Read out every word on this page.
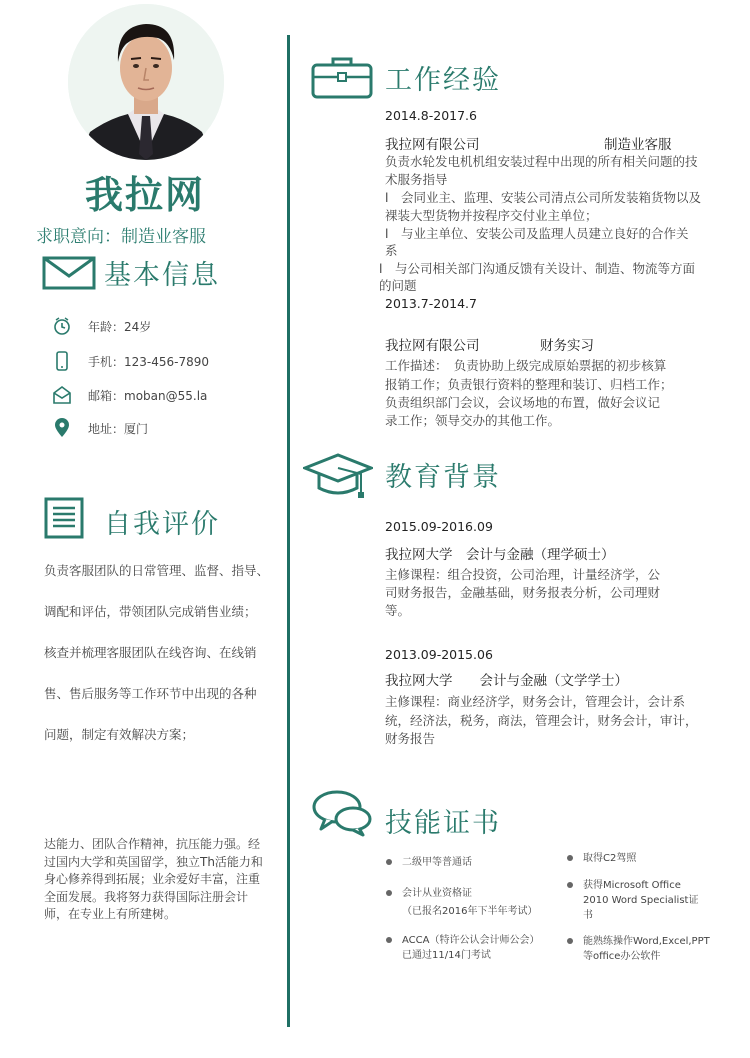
我拉网
求职意向：制造业客服
基本信息
年龄：24岁
手机：123-456-7890
邮箱：moban@55.la
地址：厦门
自我评价
负责客服团队的日常管理、监督、指导、
调配和评估，带领团队完成销售业绩；
核查并梳理客服团队在线咨询、在线销
售、售后服务等工作环节中出现的各种
问题，制定有效解决方案；
达能力、团队合作精神，抗压能力强。经过国内大学和英国留学，独立Th活能力和身心修养得到拓展；业余爱好丰富，注重全面发展。我将努力获得国际注册会计师，在专业上有所建树。
工作经验
2014.8-2017.6
我拉网有限公司	制造业客服
负责水轮发电机机组安装过程中出现的所有相关问题的技
术服务指导
l　会同业主、监理、安装公司清点公司所发装箱货物以及
裸装大型货物并按程序交付业主单位；
l　与业主单位、安装公司及监理人员建立良好的合作关
系
l　与公司相关部门沟通反馈有关设计、制造、物流等方面
的问题
2013.7-2014.7
我拉网有限公司	财务实习
工作描述：　负责协助上级完成原始票据的初步核算
报销工作；负责银行资料的整理和装订、归档工作；
负责组织部门会议，会议场地的布置，做好会议记
录工作；领导交办的其他工作。
教育背景
2015.09-2016.09
我拉网大学　会计与金融（理学硕士）
主修课程：组合投资，公司治理，计量经济学，公
司财务报告，金融基础，财务报表分析，公司理财
等。
2013.09-2015.06
我拉网大学　　会计与金融（文学学士）
主修课程：商业经济学，财务会计，管理会计，会计系
统，经济法，税务，商法，管理会计，财务会计，审计，
财务报告
技能证书
二级甲等普通话
会计从业资格证
（已报名2016年下半年考试）
ACCA（特许公认会计师公会）
已通过11/14门考试
取得C2驾照
获得Microsoft Office
2010 Word Specialist证
书
能熟练操作Word,Excel,PPT
等office办公软件
